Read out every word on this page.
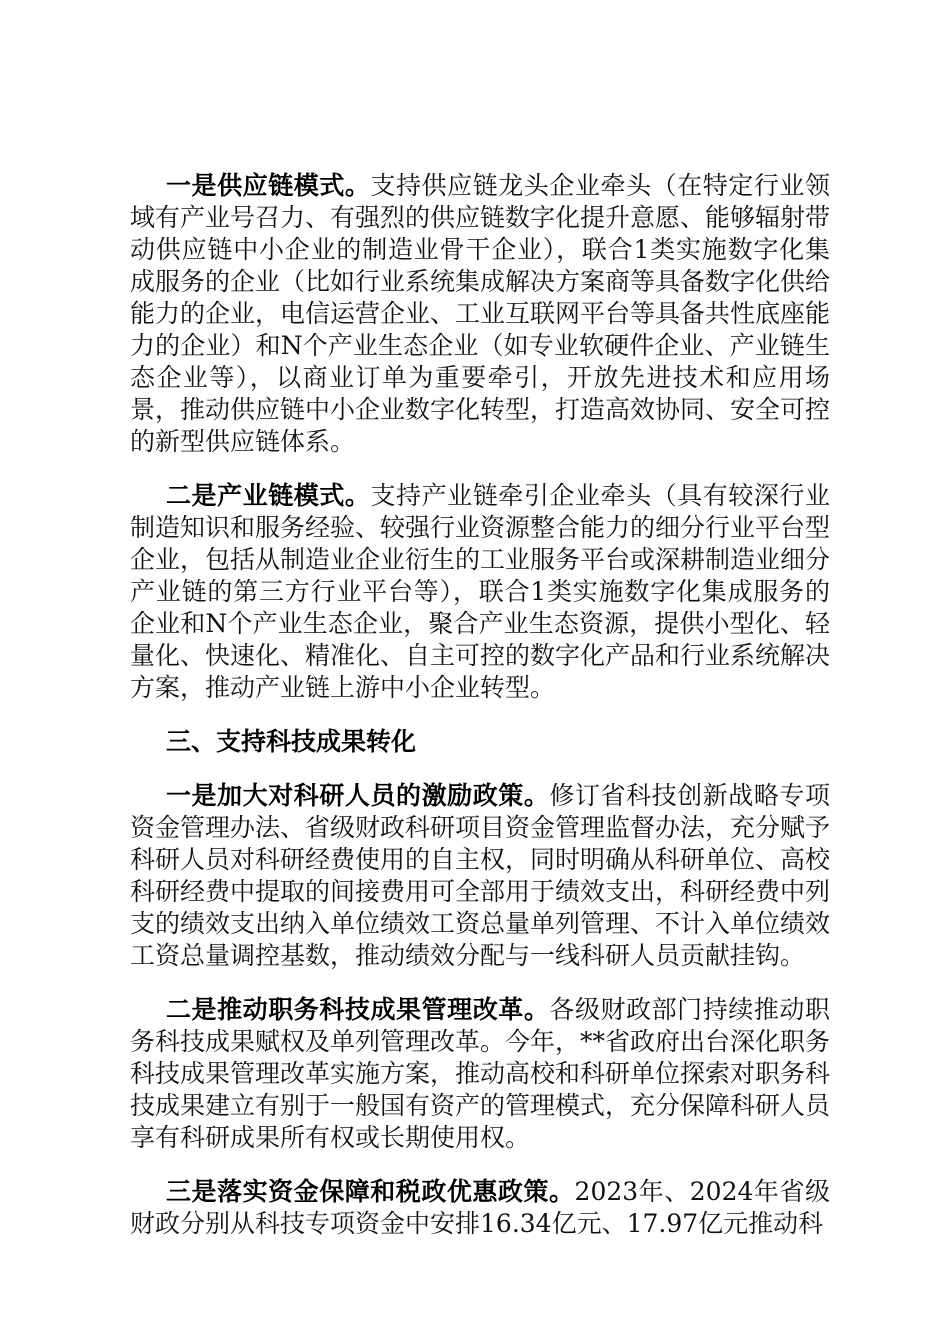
一是供应链模式。支持供应链龙头企业牵头（在特定行业领域有产业号召力、有强烈的供应链数字化提升意愿、能够辐射带动供应链中小企业的制造业骨干企业），联合1类实施数字化集成服务的企业（比如行业系统集成解决方案商等具备数字化供给能力的企业，电信运营企业、工业互联网平台等具备共性底座能力的企业）和N个产业生态企业（如专业软硬件企业、产业链生态企业等），以商业订单为重要牵引，开放先进技术和应用场景，推动供应链中小企业数字化转型，打造高效协同、安全可控的新型供应链体系。

二是产业链模式。支持产业链牵引企业牵头（具有较深行业制造知识和服务经验、较强行业资源整合能力的细分行业平台型企业，包括从制造业企业衍生的工业服务平台或深耕制造业细分产业链的第三方行业平台等），联合1类实施数字化集成服务的企业和N个产业生态企业，聚合产业生态资源，提供小型化、轻量化、快速化、精准化、自主可控的数字化产品和行业系统解决方案，推动产业链上游中小企业转型。

三、支持科技成果转化

一是加大对科研人员的激励政策。修订省科技创新战略专项资金管理办法、省级财政科研项目资金管理监督办法，充分赋予科研人员对科研经费使用的自主权，同时明确从科研单位、高校科研经费中提取的间接费用可全部用于绩效支出，科研经费中列支的绩效支出纳入单位绩效工资总量单列管理、不计入单位绩效工资总量调控基数，推动绩效分配与一线科研人员贡献挂钩。

二是推动职务科技成果管理改革。各级财政部门持续推动职务科技成果赋权及单列管理改革。今年，**省政府出台深化职务科技成果管理改革实施方案，推动高校和科研单位探索对职务科技成果建立有别于一般国有资产的管理模式，充分保障科研人员享有科研成果所有权或长期使用权。

三是落实资金保障和税政优惠政策。2023年、2024年省级财政分别从科技专项资金中安排16.34亿元、17.97亿元推动科
